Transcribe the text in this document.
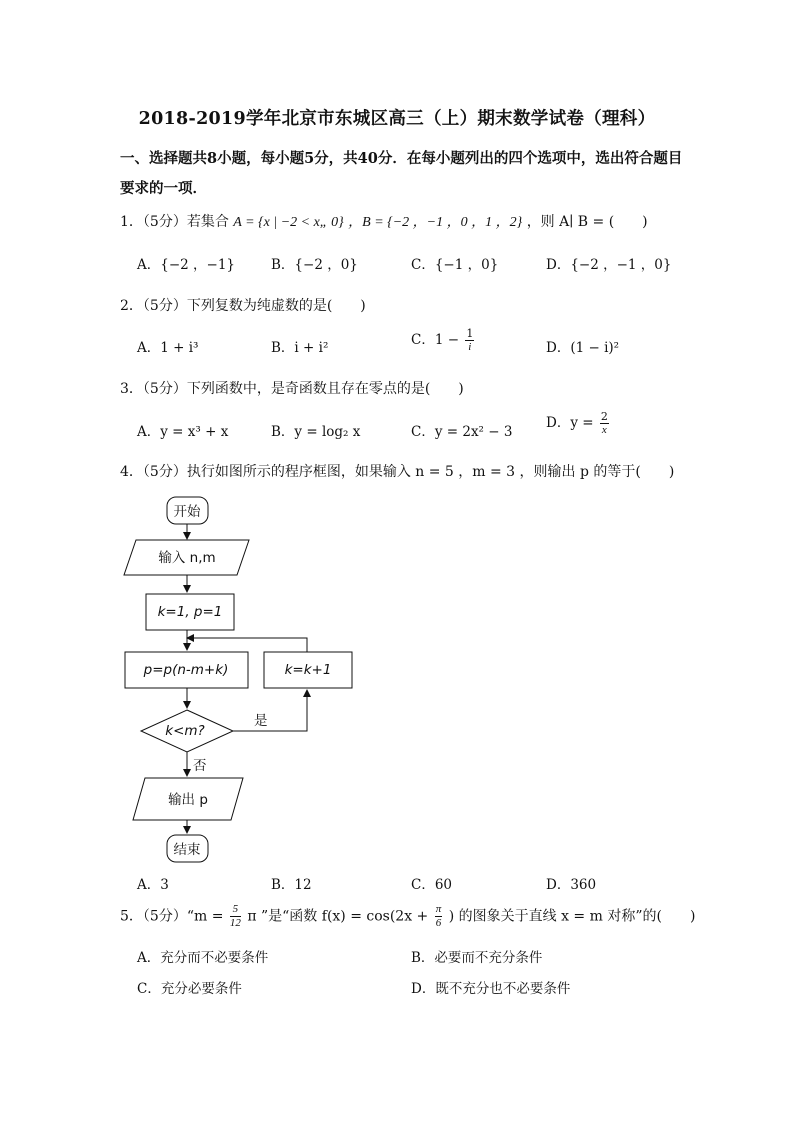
2018-2019学年北京市东城区高三（上）期末数学试卷（理科）
一、选择题共8小题，每小题5分，共40分．在每小题列出的四个选项中，选出符合题目
要求的一项．
1．（5分）若集合 A = {x | −2 < x„ 0} ，B = {−2 ，−1 ，0 ，1 ，2} ，则 A∣ B = (　　)
A．{−2 ，−1}	B．{−2 ，0}	C．{−1 ，0}	D．{−2 ，−1 ，0}
2．（5分）下列复数为纯虚数的是(　　)
A．1 + i³	B．i + i²	C．$1 - \frac{1}{i}$	D．(1 − i)²
3．（5分）下列函数中，是奇函数且存在零点的是(　　)
A．y = x³ + x	B．y = log₂ x	C．y = 2x² − 3
D．$y = \frac{2}{x}$
4．（5分）执行如图所示的程序框图，如果输入 n = 5 ，m = 3 ，则输出 p 的等于(　　)
开始
输入 n,m
k=1, p=1
p=p(n-m+k)	k=k+1
k<m?
是
否
输出 p
结束
A．3	B．12	C．60	D．360
5．（5分）“m = $\frac{5}{12}$ π ”是“函数 $f(x) = \cos(2x + \frac{\pi}{6}$ ) 的图象关于直线 x = m 对称”的(　　)
A．充分而不必要条件	B．必要而不充分条件
C．充分必要条件	D．既不充分也不必要条件
